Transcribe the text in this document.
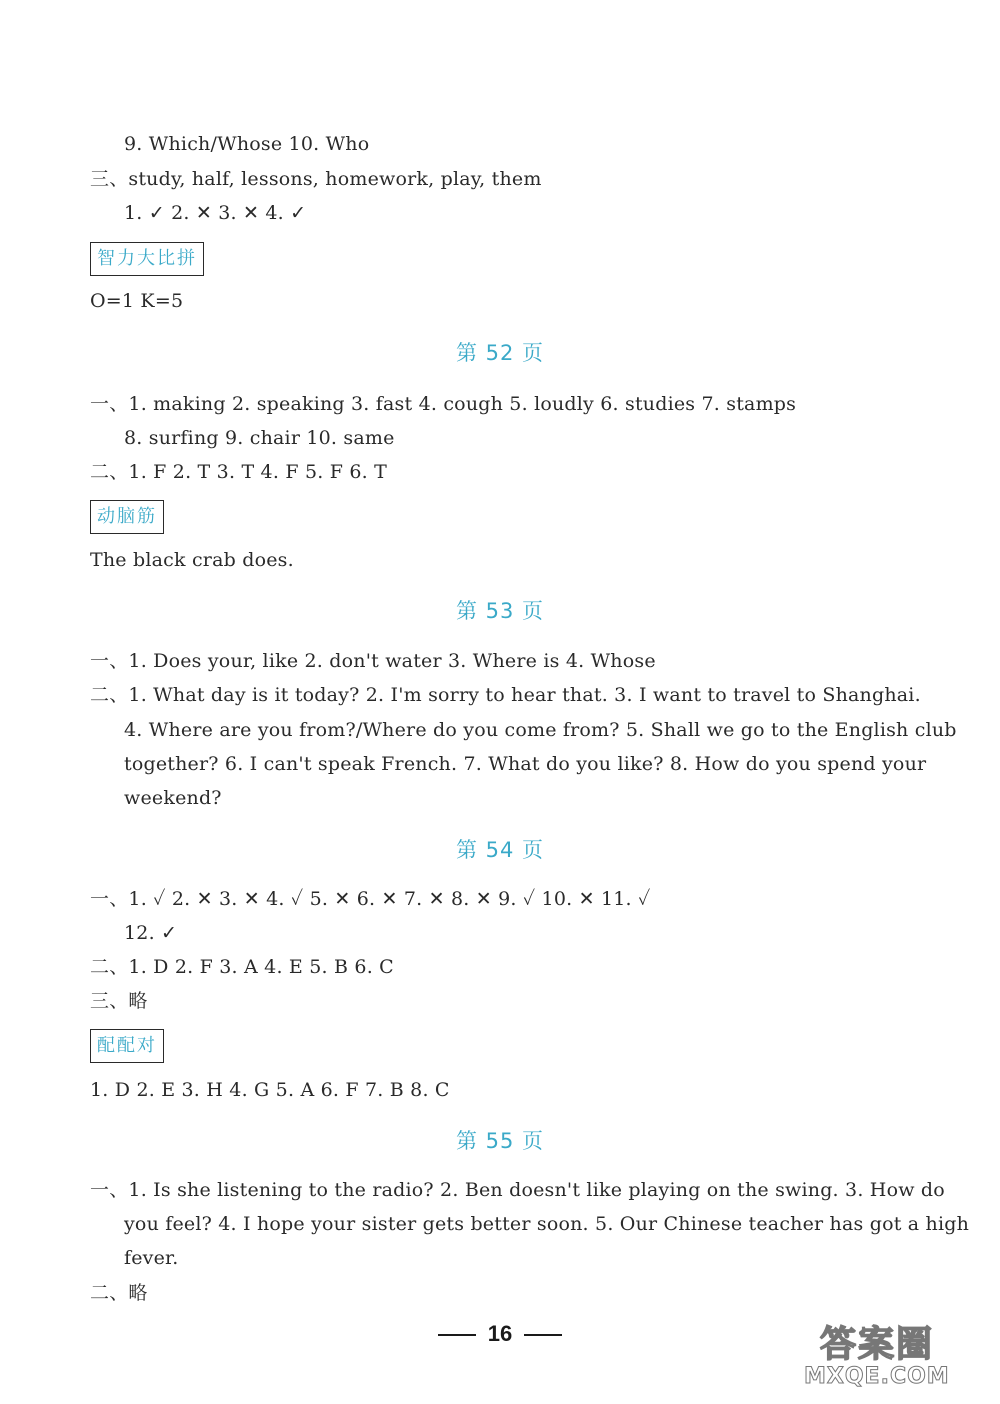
9. Which/Whose 10. Who
三、study, half, lessons, homework, play, them
1. ✓ 2. ✕ 3. ✕ 4. ✓
智力大比拼
O=1 K=5
第 52 页
一、1. making 2. speaking 3. fast 4. cough 5. loudly 6. studies 7. stamps
8. surfing 9. chair 10. same
二、1. F 2. T 3. T 4. F 5. F 6. T
动脑筋
The black crab does.
第 53 页
一、1. Does your, like 2. don't water 3. Where is 4. Whose
二、1. What day is it today? 2. I'm sorry to hear that. 3. I want to travel to Shanghai.
4. Where are you from?/Where do you come from? 5. Shall we go to the English club
together? 6. I can't speak French. 7. What do you like? 8. How do you spend your
weekend?
第 54 页
一、1. ✓ 2. ✕ 3. ✕ 4. ✓ 5. ✕ 6. ✕ 7. ✕ 8. ✕ 9. ✓ 10. ✕ 11. ✓
12. ✓
二、1. D 2. F 3. A 4. E 5. B 6. C
三、略
配配对
1. D 2. E 3. H 4. G 5. A 6. F 7. B 8. C
第 55 页
一、1. Is she listening to the radio? 2. Ben doesn't like playing on the swing. 3. How do
you feel? 4. I hope your sister gets better soon. 5. Our Chinese teacher has got a high
fever.
二、略
16	答案圈
MXQE.COM
